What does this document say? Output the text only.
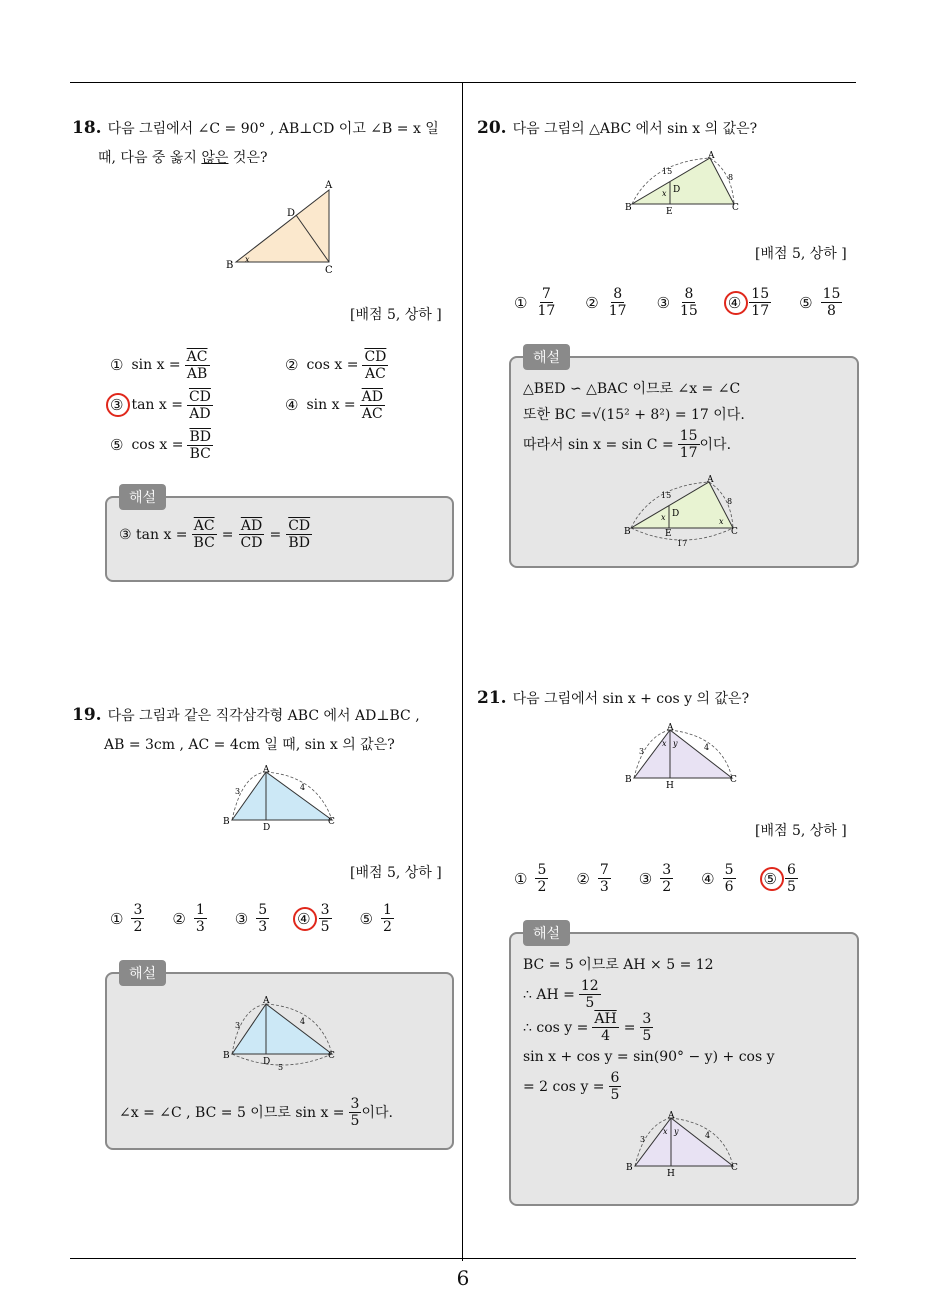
6
18. 다음 그림에서 ∠C = 90° , AB⊥CD 이고 ∠B = x 일
때, 다음 중 옳지 않은 것은?
A
B	C
D
x
[배점 5, 상하 ]
① $\sin x = \frac{\overline{AC}}{AB}$	② $\cos x = \frac{\overline{CD}}{AC}$
③ $\tan x = \frac{\overline{CD}}{AD}$	④ $\sin x = \frac{\overline{AD}}{AC}$
⑤ $\cos x = \frac{\overline{BD}}{BC}$
해설
③ $\tan x = \frac{\overline{AC}}{BC} = \frac{\overline{AD}}{CD} = \frac{\overline{CD}}{BD}$
19. 다음 그림과 같은 직각삼각형 ABC 에서 AD⊥BC ,
AB = 3cm , AC = 4cm 일 때, sin x 의 값은?
A
B	C
D
3	4
[배점 5, 상하 ]
① $\frac{3}{2}$ ② $\frac{1}{3}$ ③ $\frac{5}{3}$ ④ $\frac{3}{5}$ ⑤ $\frac{1}{2}$
해설
A
B	C
D
3	4
5
∠x = ∠C , BC = 5 이므로 $\sin x = \frac{3}{5}$ 이다.
20. 다음 그림의 △ABC 에서 sin x 의 값은?
A
B	C
D
E
x
15
8
[배점 5, 상하 ]
① $\frac{7}{17}$ ② $\frac{8}{17}$ ③ $\frac{8}{15}$ ④ $\frac{15}{17}$ ⑤ $\frac{15}{8}$
해설
△BED ∽ △BAC 이므로 ∠x = ∠C
또한 BC = √(15² + 8²) = 17 이다.
따라서 $\sin x = \sin C = \frac{15}{17}$ 이다.
A
B	C
D
E
x	x
15
8
17
21. 다음 그림에서 sin x + cos y 의 값은?
A
B	C
H
x y
3	4
[배점 5, 상하 ]
① $\frac{5}{2}$ ② $\frac{7}{3}$ ③ $\frac{3}{2}$ ④ $\frac{5}{6}$ ⑤ $\frac{6}{5}$
해설
BC = 5 이므로 AH × 5 = 12
∴ AH = $\frac{12}{5}$
∴ $\cos y = \frac{\overline{AH}}{4} = \frac{3}{5}$
sin x + cos y = sin(90° − y) + cos y
= 2 $\cos y = \frac{6}{5}$
A
B	C
H
x y
3	4
